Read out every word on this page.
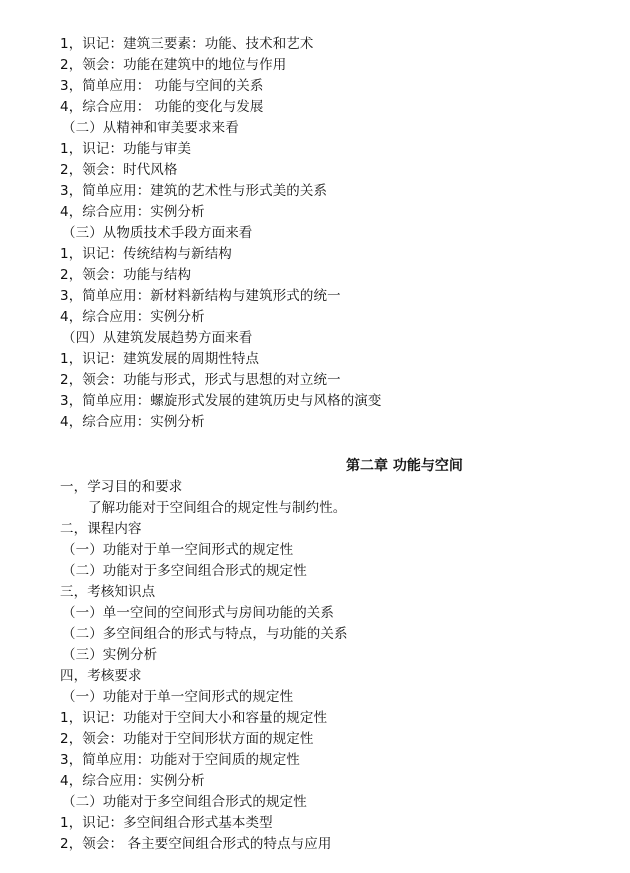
1，识记：建筑三要素：功能、技术和艺术
2，领会：功能在建筑中的地位与作用
3，简单应用： 功能与空间的关系
4，综合应用： 功能的变化与发展
（二）从精神和审美要求来看
1，识记：功能与审美
2，领会：时代风格
3，简单应用：建筑的艺术性与形式美的关系
4，综合应用：实例分析
（三）从物质技术手段方面来看
1，识记：传统结构与新结构
2，领会：功能与结构
3，简单应用：新材料新结构与建筑形式的统一
4，综合应用：实例分析
（四）从建筑发展趋势方面来看
1，识记：建筑发展的周期性特点
2，领会：功能与形式，形式与思想的对立统一
3，简单应用：螺旋形式发展的建筑历史与风格的演变
4，综合应用：实例分析
第二章 功能与空间
一，学习目的和要求
了解功能对于空间组合的规定性与制约性。
二，课程内容
（一）功能对于单一空间形式的规定性
（二）功能对于多空间组合形式的规定性
三，考核知识点
（一）单一空间的空间形式与房间功能的关系
（二）多空间组合的形式与特点，与功能的关系
（三）实例分析
四，考核要求
（一）功能对于单一空间形式的规定性
1，识记：功能对于空间大小和容量的规定性
2，领会：功能对于空间形状方面的规定性
3，简单应用：功能对于空间质的规定性
4，综合应用：实例分析
（二）功能对于多空间组合形式的规定性
1，识记：多空间组合形式基本类型
2，领会： 各主要空间组合形式的特点与应用
